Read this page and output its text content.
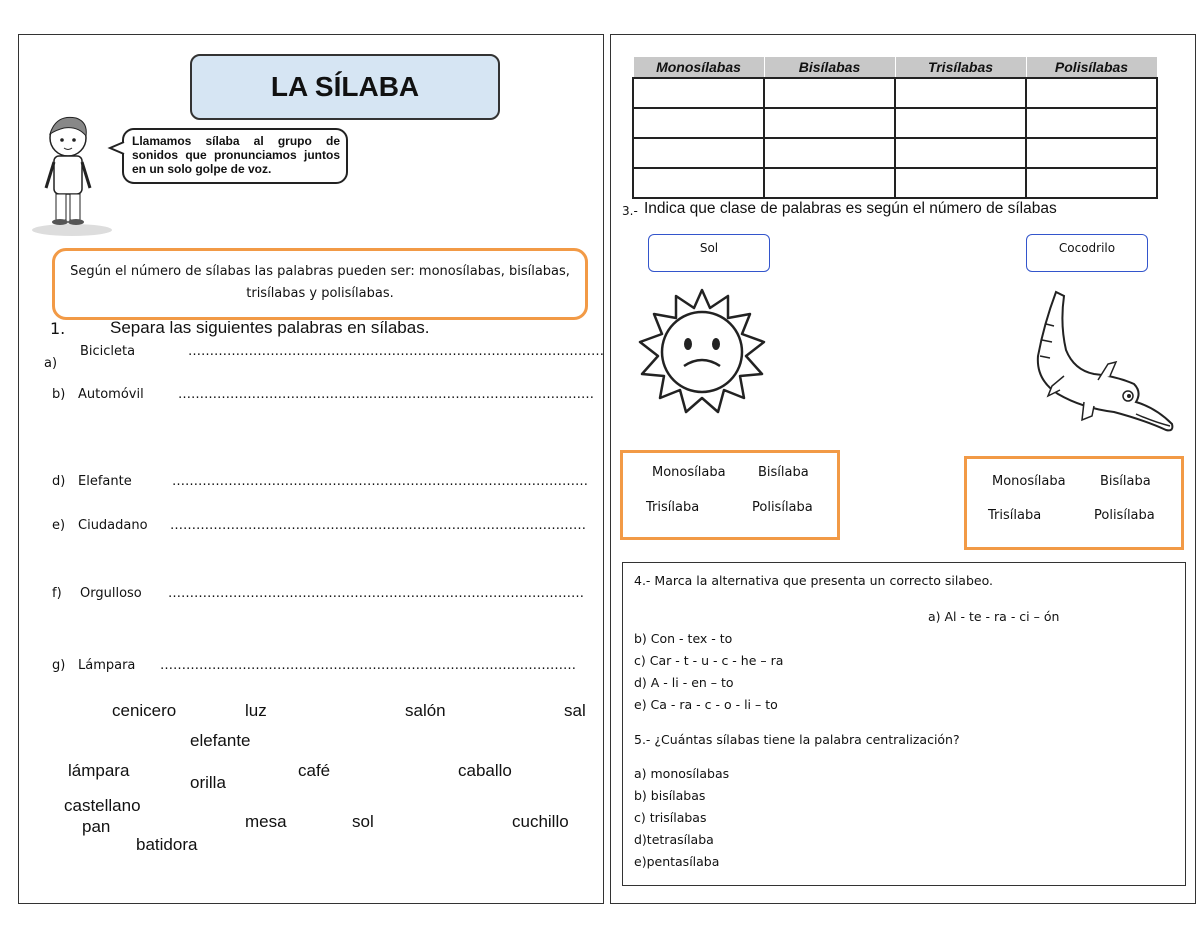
LA SÍLABA
Llamamos sílaba al grupo de sonidos que pronunciamos juntos en un solo golpe de voz.
Según el número de sílabas las palabras pueden ser: monosílabas, bisílabas, trisílabas y polisílabas.
1.	Separa las siguientes palabras en sílabas.
a)
Bicicleta	……………………………………………………………………………………
b) Automóvil	……………………………………………………………………………………
d) Elefante	……………………………………………………………………………………
e) Ciudadano ……………………………………………………………………………………
f) Orgulloso ……………………………………………………………………………………
g) Lámpara ……………………………………………………………………………………
cenicero	luz	salón	sal
elefante
lámpara
orilla
café	caballo
castellano
pan	mesa	sol	cuchillo
batidora
Monosílabas	Bisílabas	Trisílabas	Polisílabas

3.- Indica que clase de palabras es según el número de sílabas
Sol	Cocodrilo
Monosílaba Bisílaba
Trisílaba	Polisílaba
Monosílaba	Bisílaba
Trisílaba	Polisílaba
4.- Marca la alternativa que presenta un correcto silabeo.
a) Al - te - ra - ci – ón
b) Con - tex - to
c) Car - t - u - c - he – ra
d) A - li - en – to
e) Ca - ra - c - o - li – to
5.- ¿Cuántas sílabas tiene la palabra centralización?
a) monosílabas
b) bisílabas
c) trisílabas
d)tetrasílaba
e)pentasílaba
